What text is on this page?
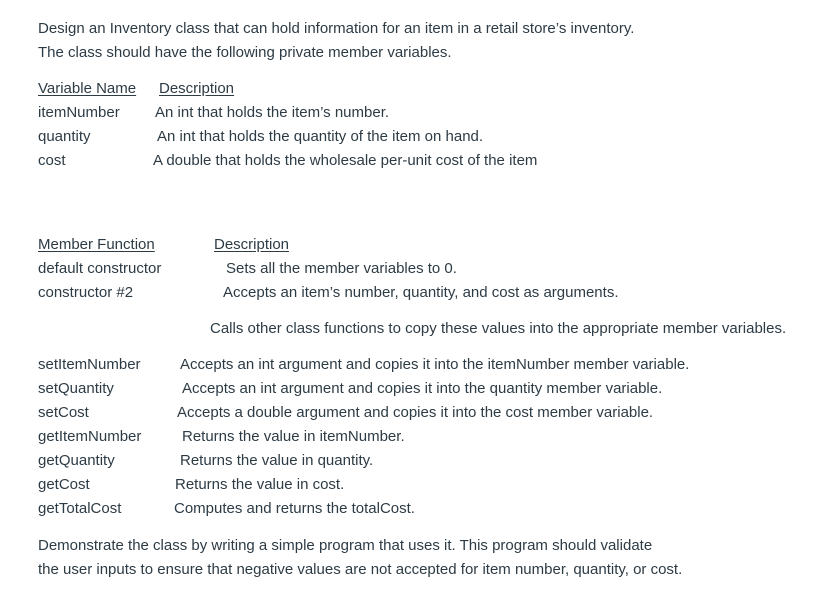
Design an Inventory class that can hold information for an item in a retail store’s inventory.
The class should have the following private member variables.
Variable Name Description
itemNumber An int that holds the item’s number.
quantity	An int that holds the quantity of the item on hand.
cost	A double that holds the wholesale per-unit cost of the item
Member Function	Description
default constructor	Sets all the member variables to 0.
constructor #2	Accepts an item’s number, quantity, and cost as arguments.
Calls other class functions to copy these values into the appropriate member variables.
setItemNumber	Accepts an int argument and copies it into the itemNumber member variable.
setQuantity	Accepts an int argument and copies it into the quantity member variable.
setCost	Accepts a double argument and copies it into the cost member variable.
getItemNumber	Returns the value in itemNumber.
getQuantity	Returns the value in quantity.
getCost	Returns the value in cost.
getTotalCost	Computes and returns the totalCost.
Demonstrate the class by writing a simple program that uses it. This program should validate
the user inputs to ensure that negative values are not accepted for item number, quantity, or cost.
